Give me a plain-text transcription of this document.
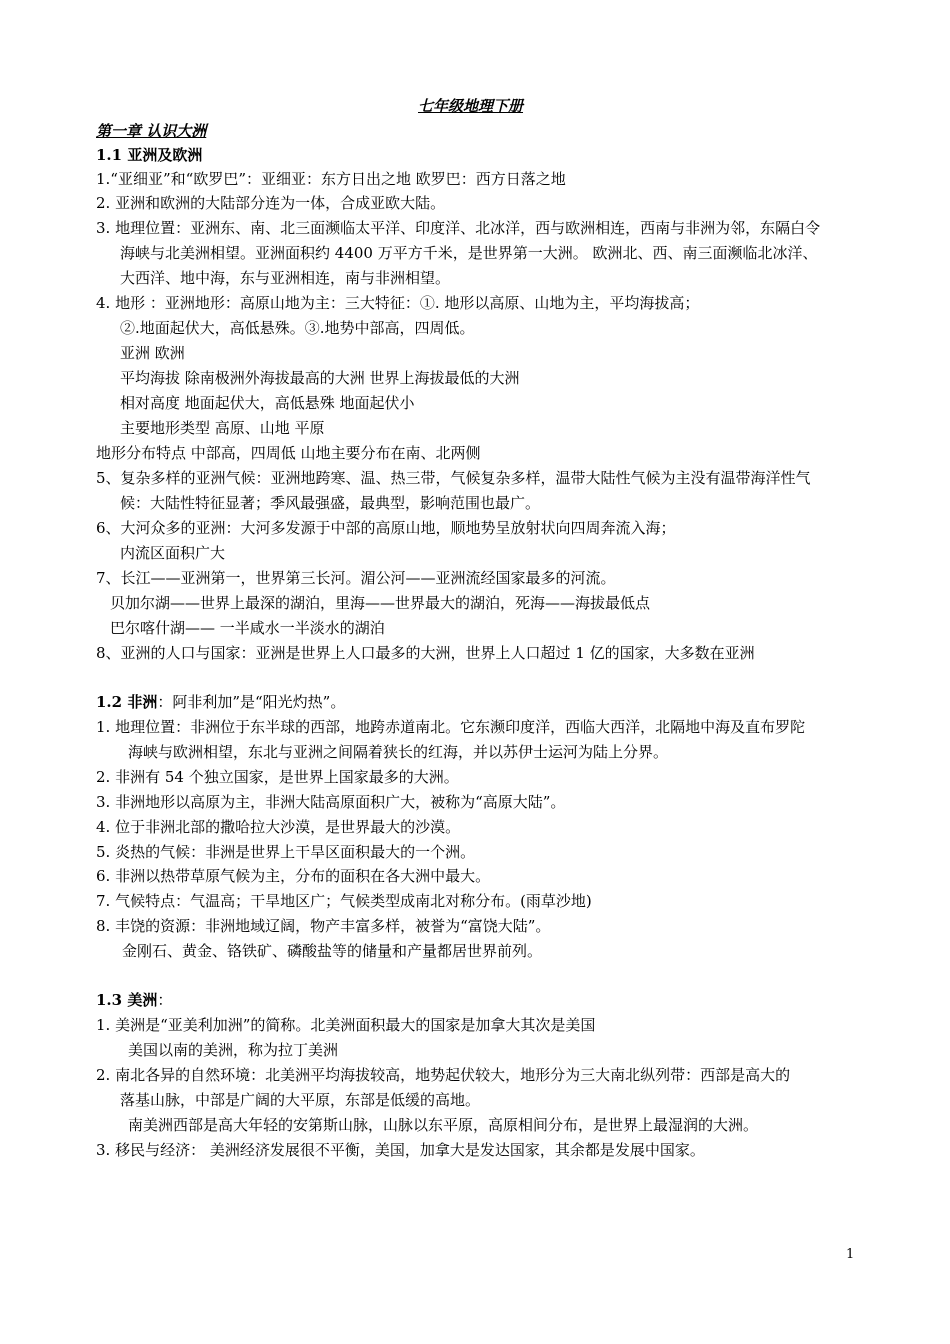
七年级地理下册
第一章 认识大洲
1.1 亚洲及欧洲
1.“亚细亚”和“欧罗巴”：亚细亚：东方日出之地 欧罗巴：西方日落之地
2. 亚洲和欧洲的大陆部分连为一体，合成亚欧大陆。
3. 地理位置：亚洲东、南、北三面濒临太平洋、印度洋、北冰洋，西与欧洲相连，西南与非洲为邻，东隔白令
海峡与北美洲相望。亚洲面积约 4400 万平方千米，是世界第一大洲。 欧洲北、西、南三面濒临北冰洋、
大西洋、地中海，东与亚洲相连，南与非洲相望。
4. 地形 ：亚洲地形：高原山地为主：三大特征：①. 地形以高原、山地为主，平均海拔高；
②.地面起伏大，高低悬殊。③.地势中部高，四周低。
亚洲 欧洲
平均海拔 除南极洲外海拔最高的大洲 世界上海拔最低的大洲
相对高度 地面起伏大，高低悬殊 地面起伏小
主要地形类型 高原、山地 平原
地形分布特点 中部高，四周低 山地主要分布在南、北两侧
5、复杂多样的亚洲气候：亚洲地跨寒、温、热三带，气候复杂多样，温带大陆性气候为主没有温带海洋性气
候：大陆性特征显著；季风最强盛，最典型，影响范围也最广。
6、大河众多的亚洲：大河多发源于中部的高原山地，顺地势呈放射状向四周奔流入海；
内流区面积广大
7、长江——亚洲第一，世界第三长河。湄公河——亚洲流经国家最多的河流。
贝加尔湖——世界上最深的湖泊，里海——世界最大的湖泊，死海——海拔最低点
巴尔喀什湖—— 一半咸水一半淡水的湖泊
8、亚洲的人口与国家：亚洲是世界上人口最多的大洲，世界上人口超过 1 亿的国家，大多数在亚洲
1.2 非洲：阿非利加”是“阳光灼热”。
1. 地理位置：非洲位于东半球的西部，地跨赤道南北。它东濒印度洋，西临大西洋，北隔地中海及直布罗陀
海峡与欧洲相望，东北与亚洲之间隔着狭长的红海，并以苏伊士运河为陆上分界。
2. 非洲有 54 个独立国家，是世界上国家最多的大洲。
3. 非洲地形以高原为主，非洲大陆高原面积广大，被称为“高原大陆”。
4. 位于非洲北部的撒哈拉大沙漠，是世界最大的沙漠。
5. 炎热的气候：非洲是世界上干旱区面积最大的一个洲。
6. 非洲以热带草原气候为主，分布的面积在各大洲中最大。
7. 气候特点：气温高；干旱地区广；气候类型成南北对称分布。(雨草沙地)
8. 丰饶的资源：非洲地域辽阔，物产丰富多样，被誉为“富饶大陆”。
金刚石、黄金、铬铁矿、磷酸盐等的储量和产量都居世界前列。
1.3 美洲：
1. 美洲是“亚美利加洲”的简称。北美洲面积最大的国家是加拿大其次是美国
美国以南的美洲，称为拉丁美洲
2. 南北各异的自然环境：北美洲平均海拔较高，地势起伏较大，地形分为三大南北纵列带：西部是高大的
落基山脉，中部是广阔的大平原，东部是低缓的高地。
南美洲西部是高大年轻的安第斯山脉，山脉以东平原，高原相间分布，是世界上最湿润的大洲。
3. 移民与经济： 美洲经济发展很不平衡，美国，加拿大是发达国家，其余都是发展中国家。
1
